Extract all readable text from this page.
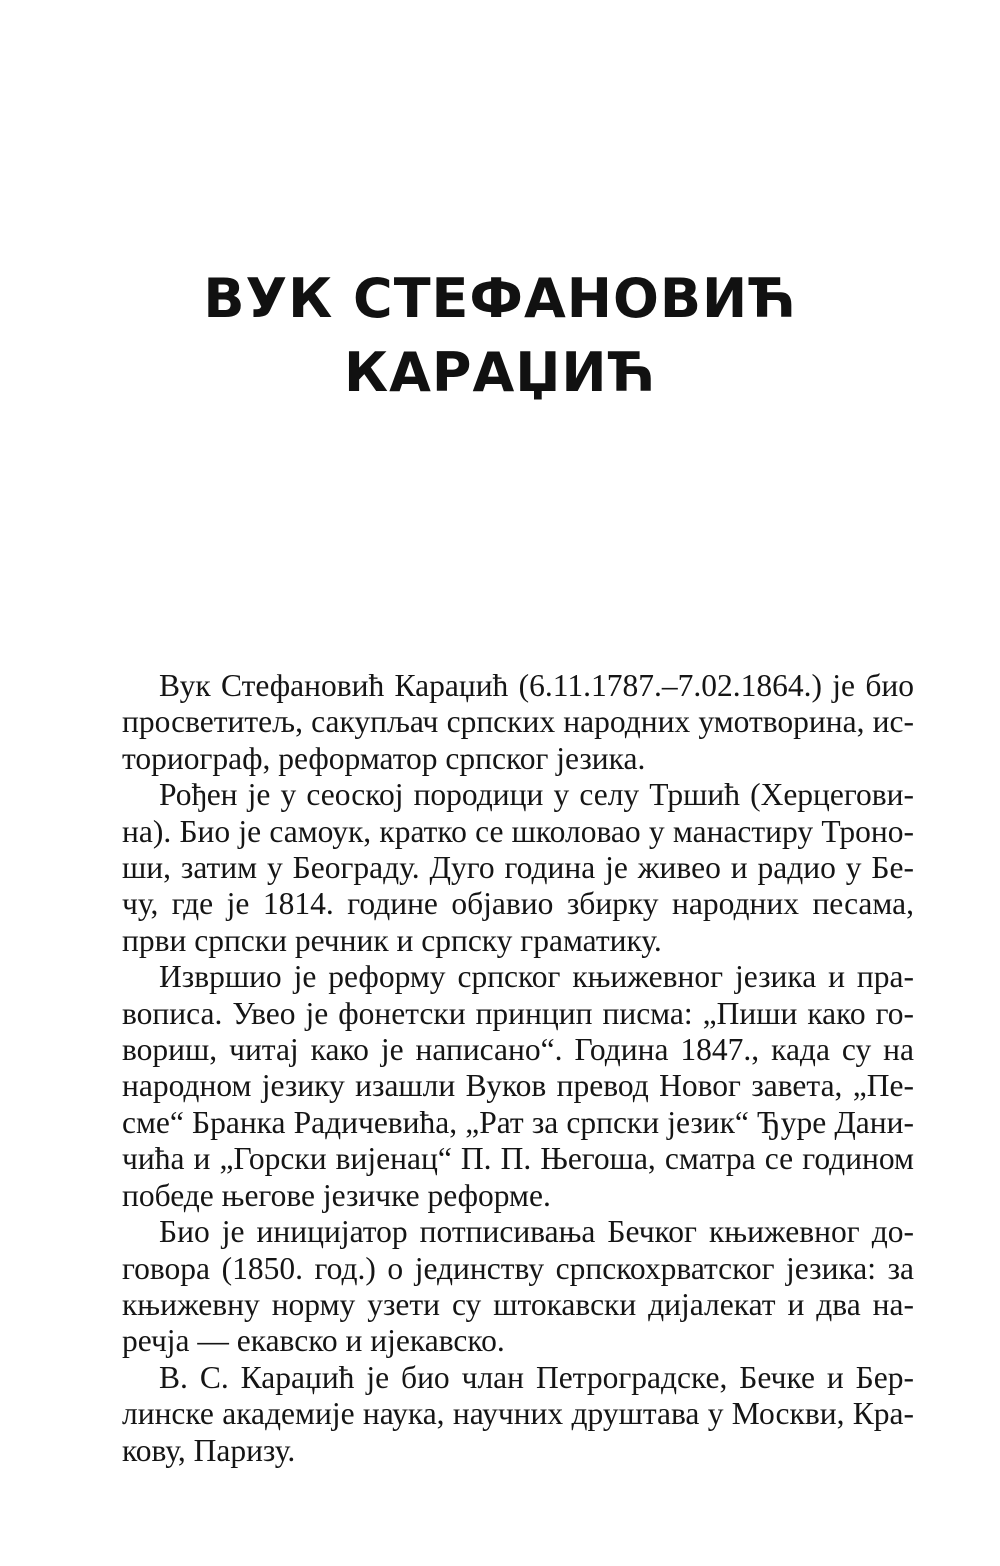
ВУК СТЕФАНОВИЋ
КАРАЏИЋ

Вук Стефановић Караџић (6.11.1787.–7.02.1864.) је био
просветитељ, сакупљач српских народних умотворина, ис-
ториограф, реформатор српског језика.

Рођен је у сеоској породици у селу Тршић (Херцегови-
на). Био је самоук, кратко се школовао у манастиру Троно-
ши, затим у Београду. Дуго година је живео и радио у Бе-
чу, где је 1814. године објавио збирку народних песама,
први српски речник и српску граматику.

Извршио је реформу српског књижевног језика и пра-
вописа. Увео је фонетски принцип писма: „Пиши како го-
вориш, читај како је написано“. Година 1847., када су на
народном језику изашли Вуков превод Новог завета, „Пе-
сме“ Бранка Радичевића, „Рат за српски језик“ Ђуре Дани-
чића и „Горски вијенац“ П. П. Његоша, сматра се годином
победе његове језичке реформе.

Био је иницијатор потписивања Бечког књижевног до-
говора (1850. год.) о јединству српскохрватског језика: за
књижевну норму узети су штокавски дијалекат и два на-
речја — екавско и ијекавско.

В. С. Караџић је био члан Петроградске, Бечке и Бер-
линске академије наука, научних друштава у Москви, Кра-
кову, Паризу.
